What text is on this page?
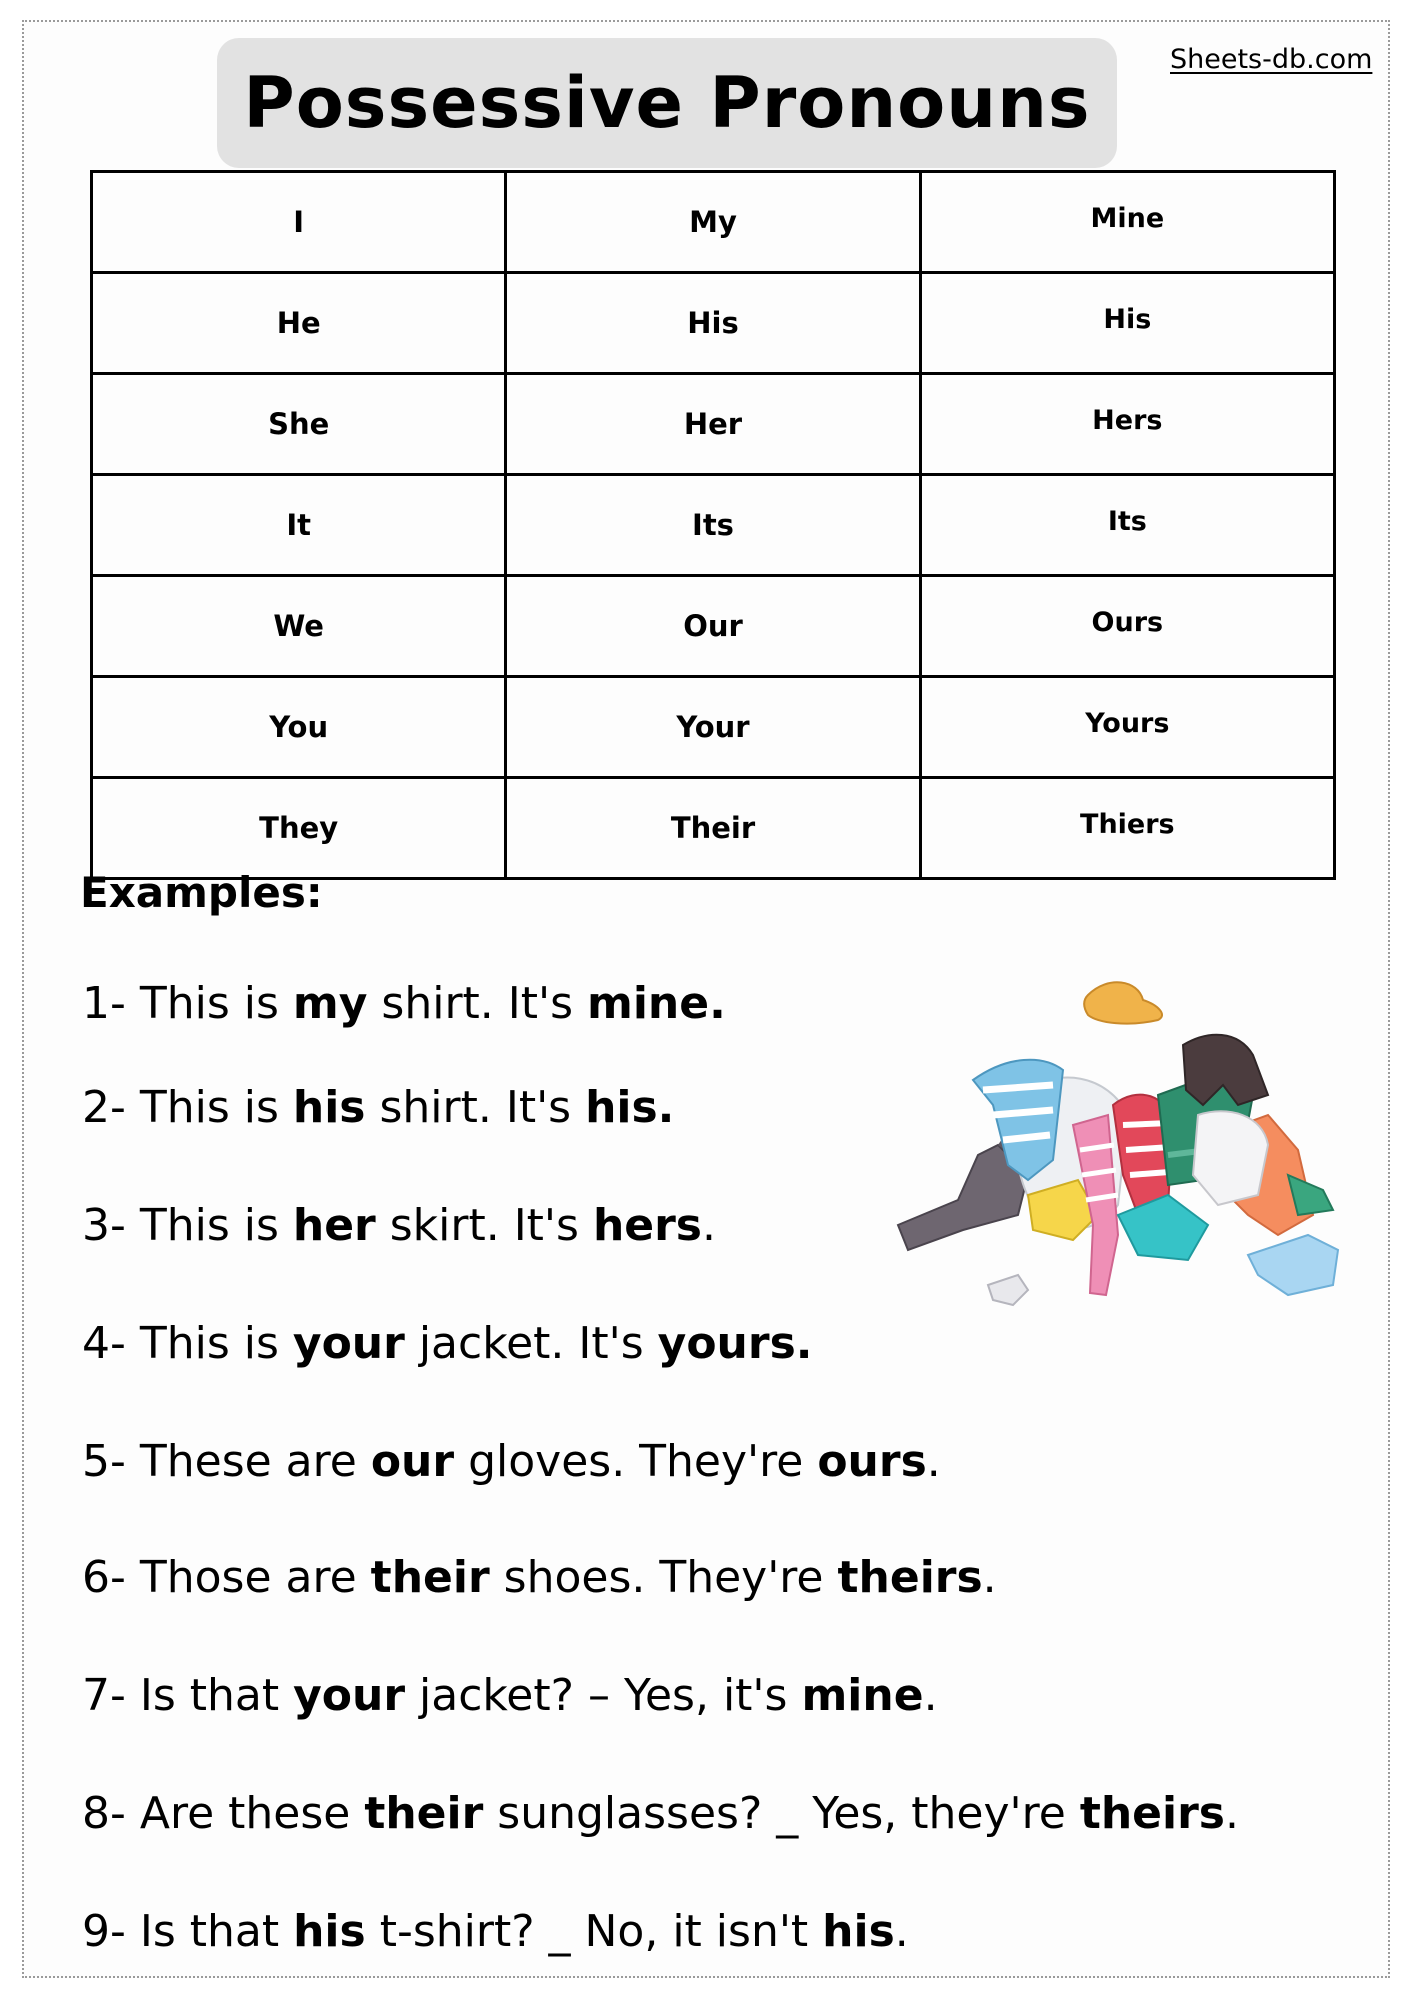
Possessive Pronouns
Sheets-db.com
I	My	Mine
He	His	His
She	Her	Hers
It	Its	Its
We	Our	Ours
You	Your	Yours
They	Their	Thiers
Examples:
1- This is my shirt. It's mine.
2- This is his shirt. It's his.
3- This is her skirt. It's hers.
4- This is your jacket. It's yours.
5- These are our gloves. They're ours.
6- Those are their shoes. They're theirs.
7- Is that your jacket? – Yes, it's mine.
8- Are these their sunglasses? _ Yes, they're theirs.
9- Is that his t-shirt? _ No, it isn't his.
